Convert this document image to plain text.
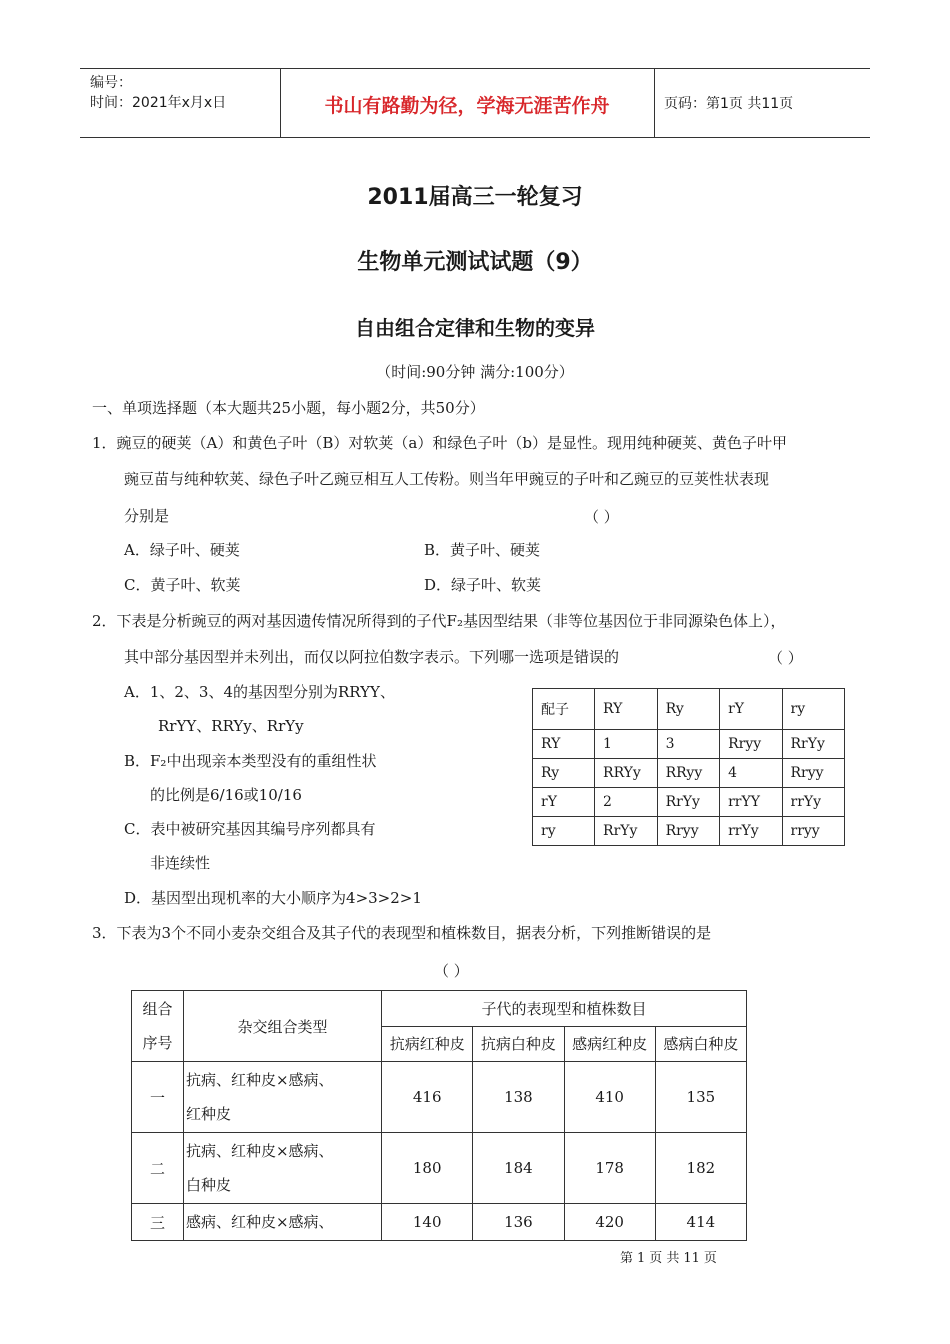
编号：
时间：2021年x月x日	书山有路勤为径，学海无涯苦作舟	页码：第1页 共11页
2011届高三一轮复习
生物单元测试试题（9）
自由组合定律和生物的变异
（时间:90分钟 满分:100分）
一、单项选择题（本大题共25小题，每小题2分，共50分）
1．豌豆的硬荚（A）和黄色子叶（B）对软荚（a）和绿色子叶（b）是显性。现用纯种硬荚、黄色子叶甲
豌豆苗与纯种软荚、绿色子叶乙豌豆相互人工传粉。则当年甲豌豆的子叶和乙豌豆的豆荚性状表现
分别是	（ ）
A．绿子叶、硬荚	B．黄子叶、硬荚
C．黄子叶、软荚	D．绿子叶、软荚
2．下表是分析豌豆的两对基因遗传情况所得到的子代F₂基因型结果（非等位基因位于非同源染色体上），
其中部分基因型并未列出，而仅以阿拉伯数字表示。下列哪一选项是错误的	（ ）
A．1、2、3、4的基因型分别为RRYY、
RrYY、RRYy、RrYy
B．F₂中出现亲本类型没有的重组性状
的比例是6/16或10/16
C．表中被研究基因其编号序列都具有
非连续性
D．基因型出现机率的大小顺序为4>3>2>1
配子	RY	Ry	rY	ry
RY	1	3	Rryy	RrYy
Ry	RRYy	RRyy	4	Rryy
rY	2	RrYy	rrYY	rrYy
ry	RrYy	Rryy	rrYy	rryy
3．下表为3个不同小麦杂交组合及其子代的表现型和植株数目，据表分析，下列推断错误的是
（ ）
组合
序号	杂交组合类型	子代的表现型和植株数目			
		抗病红种皮	抗病白种皮	感病红种皮	感病白种皮
一	抗病、红种皮×感病、
红种皮	416	138	410	135
二	抗病、红种皮×感病、
白种皮	180	184	178	182
三	感病、红种皮×感病、	140	136	420	414
第 1 页 共 11 页
